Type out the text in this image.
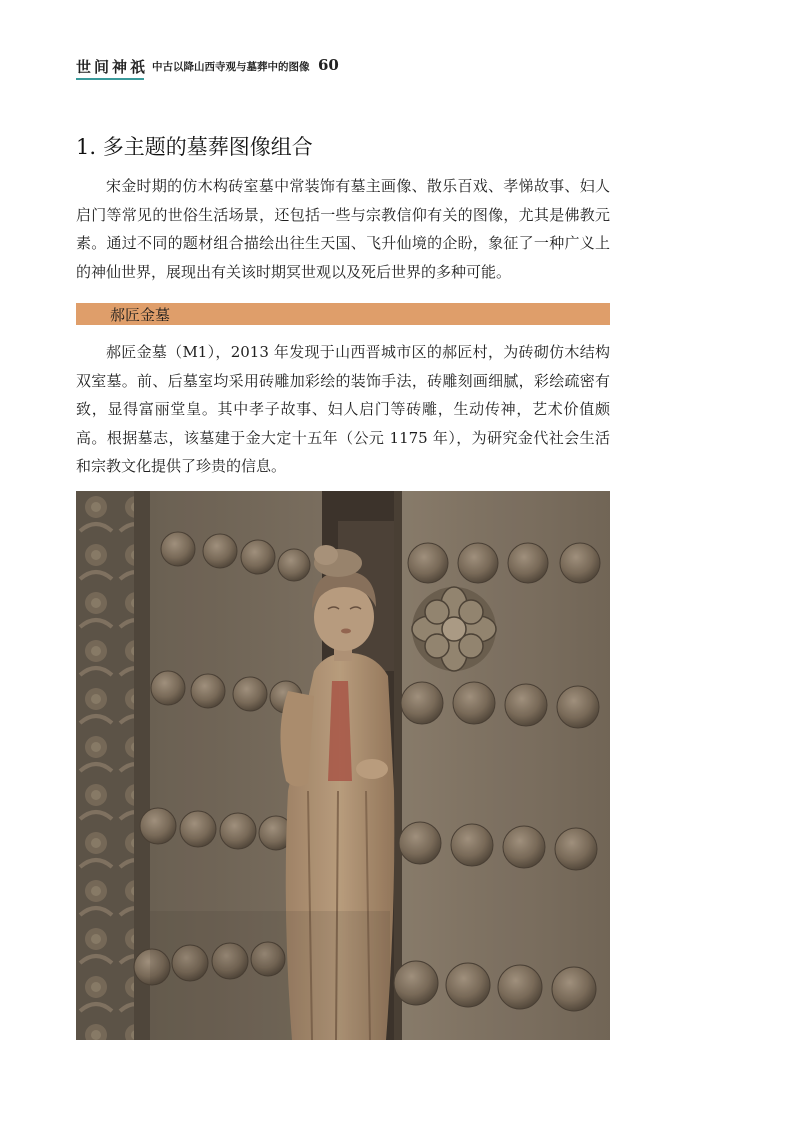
世间神祇 中古以降山西寺观与墓葬中的图像 60
1. 多主题的墓葬图像组合

宋金时期的仿木构砖室墓中常装饰有墓主画像、散乐百戏、孝悌故事、妇人启门等常见的世俗生活场景，还包括一些与宗教信仰有关的图像，尤其是佛教元素。通过不同的题材组合描绘出往生天国、飞升仙境的企盼，象征了一种广义上的神仙世界，展现出有关该时期冥世观以及死后世界的多种可能。

郝匠金墓

郝匠金墓（M1），2013 年发现于山西晋城市区的郝匠村，为砖砌仿木结构双室墓。前、后墓室均采用砖雕加彩绘的装饰手法，砖雕刻画细腻，彩绘疏密有致，显得富丽堂皇。其中孝子故事、妇人启门等砖雕，生动传神，艺术价值颇高。根据墓志，该墓建于金大定十五年（公元 1175 年），为研究金代社会生活和宗教文化提供了珍贵的信息。
